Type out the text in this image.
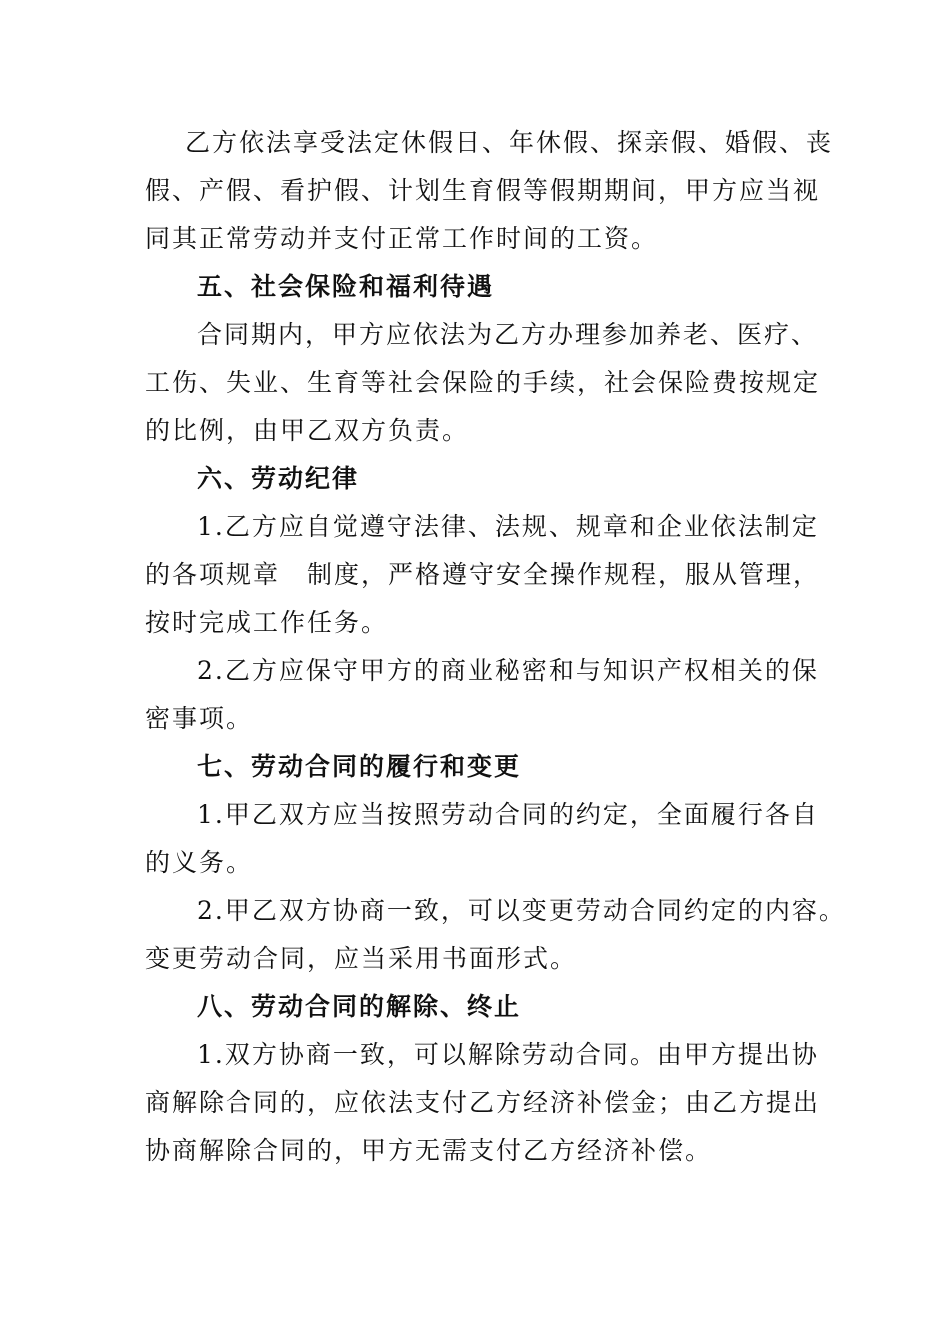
乙方依法享受法定休假日、年休假、探亲假、婚假、丧
假、产假、看护假、计划生育假等假期期间，甲方应当视
同其正常劳动并支付正常工作时间的工资。
五、社会保险和福利待遇
合同期内，甲方应依法为乙方办理参加养老、医疗、
工伤、失业、生育等社会保险的手续，社会保险费按规定
的比例，由甲乙双方负责。
六、劳动纪律
1.乙方应自觉遵守法律、法规、规章和企业依法制定
的各项规章　制度，严格遵守安全操作规程，服从管理，
按时完成工作任务。
2.乙方应保守甲方的商业秘密和与知识产权相关的保
密事项。
七、劳动合同的履行和变更
1.甲乙双方应当按照劳动合同的约定，全面履行各自
的义务。
2.甲乙双方协商一致，可以变更劳动合同约定的内容。
变更劳动合同，应当采用书面形式。
八、劳动合同的解除、终止
1.双方协商一致，可以解除劳动合同。由甲方提出协
商解除合同的，应依法支付乙方经济补偿金；由乙方提出
协商解除合同的，甲方无需支付乙方经济补偿。
